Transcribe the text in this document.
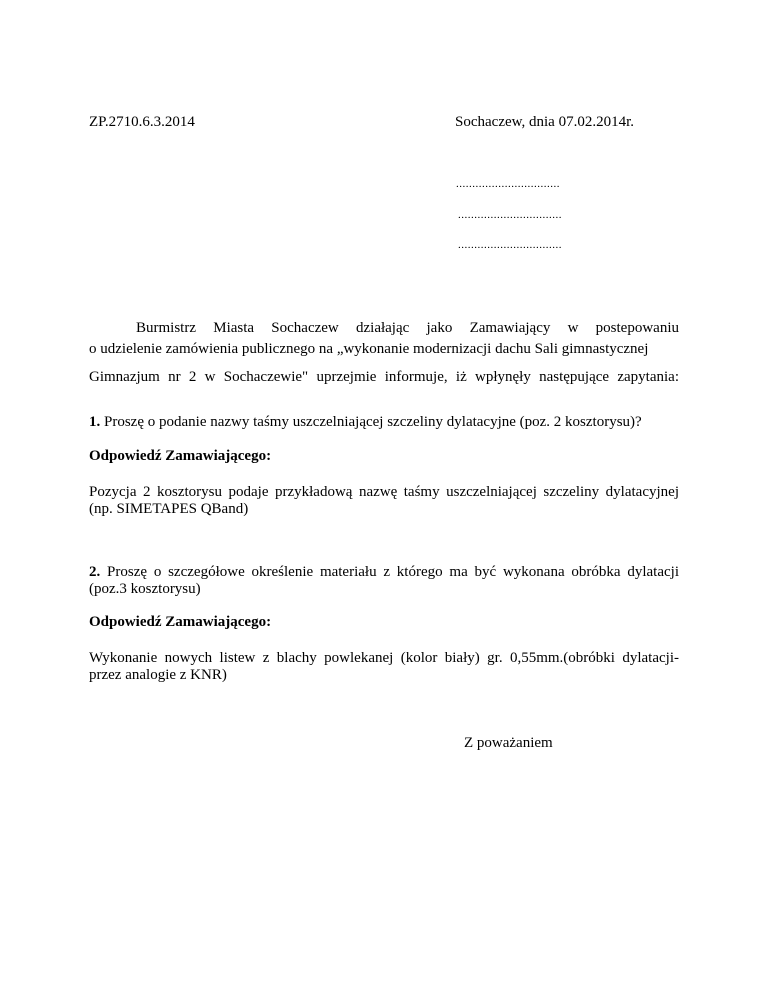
ZP.2710.6.3.2014	Sochaczew, dnia 07.02.2014r.
................................
................................
................................
Burmistrz Miasta Sochaczew działając jako Zamawiający w postepowaniu
o udzielenie zamówienia publicznego na „wykonanie modernizacji dachu Sali gimnastycznej
Gimnazjum nr 2 w Sochaczewie" uprzejmie informuje, iż wpłynęły następujące zapytania:
1. Proszę o podanie nazwy taśmy uszczelniającej szczeliny dylatacyjne (poz. 2 kosztorysu)?
Odpowiedź Zamawiającego:
Pozycja 2 kosztorysu podaje przykładową nazwę taśmy uszczelniającej szczeliny dylatacyjnej
(np. SIMETAPES QBand)
2. Proszę o szczegółowe określenie materiału z którego ma być wykonana obróbka dylatacji
(poz.3 kosztorysu)
Odpowiedź Zamawiającego:
Wykonanie nowych listew z blachy powlekanej (kolor biały) gr. 0,55mm.(obróbki dylatacji-
przez analogie z KNR)
Z poważaniem
